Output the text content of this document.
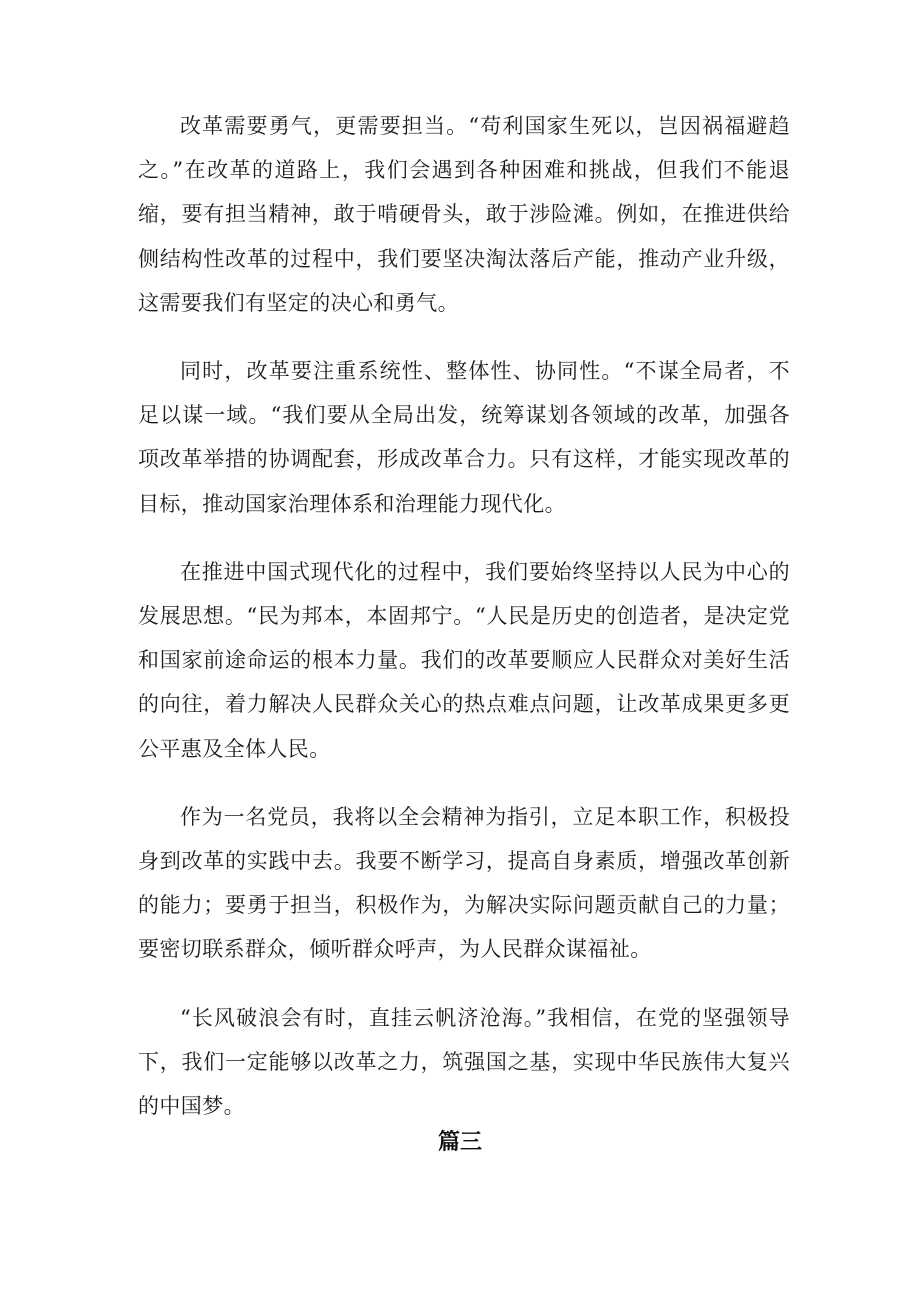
改革需要勇气，更需要担当。“苟利国家生死以，岂因祸福避趋之。”在改革的道路上，我们会遇到各种困难和挑战，但我们不能退缩，要有担当精神，敢于啃硬骨头，敢于涉险滩。例如，在推进供给侧结构性改革的过程中，我们要坚决淘汰落后产能，推动产业升级，这需要我们有坚定的决心和勇气。

同时，改革要注重系统性、整体性、协同性。“不谋全局者，不足以谋一域。“我们要从全局出发，统筹谋划各领域的改革，加强各项改革举措的协调配套，形成改革合力。只有这样，才能实现改革的目标，推动国家治理体系和治理能力现代化。

在推进中国式现代化的过程中，我们要始终坚持以人民为中心的发展思想。“民为邦本，本固邦宁。“人民是历史的创造者，是决定党和国家前途命运的根本力量。我们的改革要顺应人民群众对美好生活的向往，着力解决人民群众关心的热点难点问题，让改革成果更多更公平惠及全体人民。

作为一名党员，我将以全会精神为指引，立足本职工作，积极投身到改革的实践中去。我要不断学习，提高自身素质，增强改革创新的能力；要勇于担当，积极作为，为解决实际问题贡献自己的力量；要密切联系群众，倾听群众呼声，为人民群众谋福祉。

“长风破浪会有时，直挂云帆济沧海。”我相信，在党的坚强领导下，我们一定能够以改革之力，筑强国之基，实现中华民族伟大复兴的中国梦。

篇三
